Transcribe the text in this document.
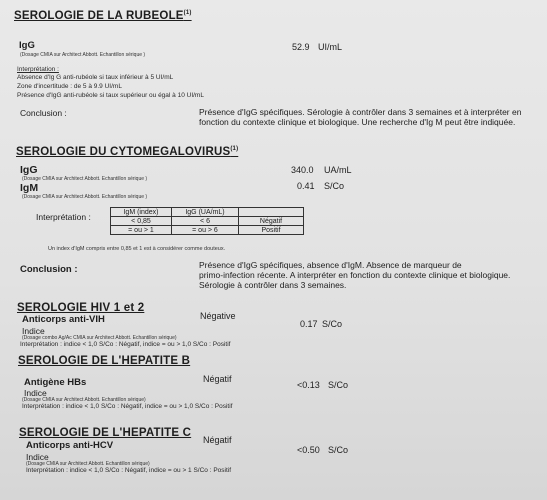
SEROLOGIE DE LA RUBEOLE$^{(1)}$
IgG
(Dosage CMIA sur Architect Abbott. Echantillon sérique )
52.9 UI/mL
Interprétation :
Absence d'Ig G anti-rubéole si taux inférieur à 5 UI/mL
Zone d'incertitude : de 5 à 9.9 UI/mL
Présence d'IgG anti-rubéole si taux supérieur ou égal à 10 UI/mL
Conclusion :	Présence d'IgG spécifiques. Sérologie à contrôler dans 3 semaines et à interpréter en fonction du contexte clinique et biologique. Une recherche d'Ig M peut être indiquée.
SEROLOGIE DU CYTOMEGALOVIRUS$^{(1)}$
IgG
(Dosage CMIA sur Architect Abbott. Echantillon sérique )
340.0 UA/mL
IgM
(Dosage CMIA sur Architect Abbott. Echantillon sérique )
0.41 S/Co
Interprétation :	IgM (index)	IgG (UA/mL)	
< 0,85	< 6	Négatif
= ou > 1	= ou > 6	Positif
Un index d'IgM compris entre 0,85 et 1 est à considérer comme douteux.
Conclusion :	Présence d'IgG spécifiques, absence d'IgM. Absence de marqueur de
primo-infection récente. A interpréter en fonction du contexte clinique et biologique.
Sérologie à contrôler dans 3 semaines.
SEROLOGIE HIV 1 et 2
Anticorps anti-VIH	Négative
Indice
(Dosage combo Ag/Ac CMIA sur Architect Abbott. Echantillon sérique)
0.17 S/Co
Interprétation : indice < 1,0 S/Co : Négatif, indice = ou > 1,0 S/Co : Positif
SEROLOGIE DE L'HEPATITE B
Antigène HBs	Négatif
Indice
(Dosage CMIA sur Architect Abbott. Echantillon sérique)
<0.13 S/Co
Interprétation : indice < 1,0 S/Co : Négatif, indice = ou > 1,0 S/Co : Positif
SEROLOGIE DE L'HEPATITE C
Anticorps anti-HCV	Négatif
Indice
(Dosage CMIA sur Architect Abbott. Echantillon sérique)
<0.50 S/Co
Interprétation : indice < 1,0 S/Co : Négatif, indice = ou > 1 S/Co : Positif
